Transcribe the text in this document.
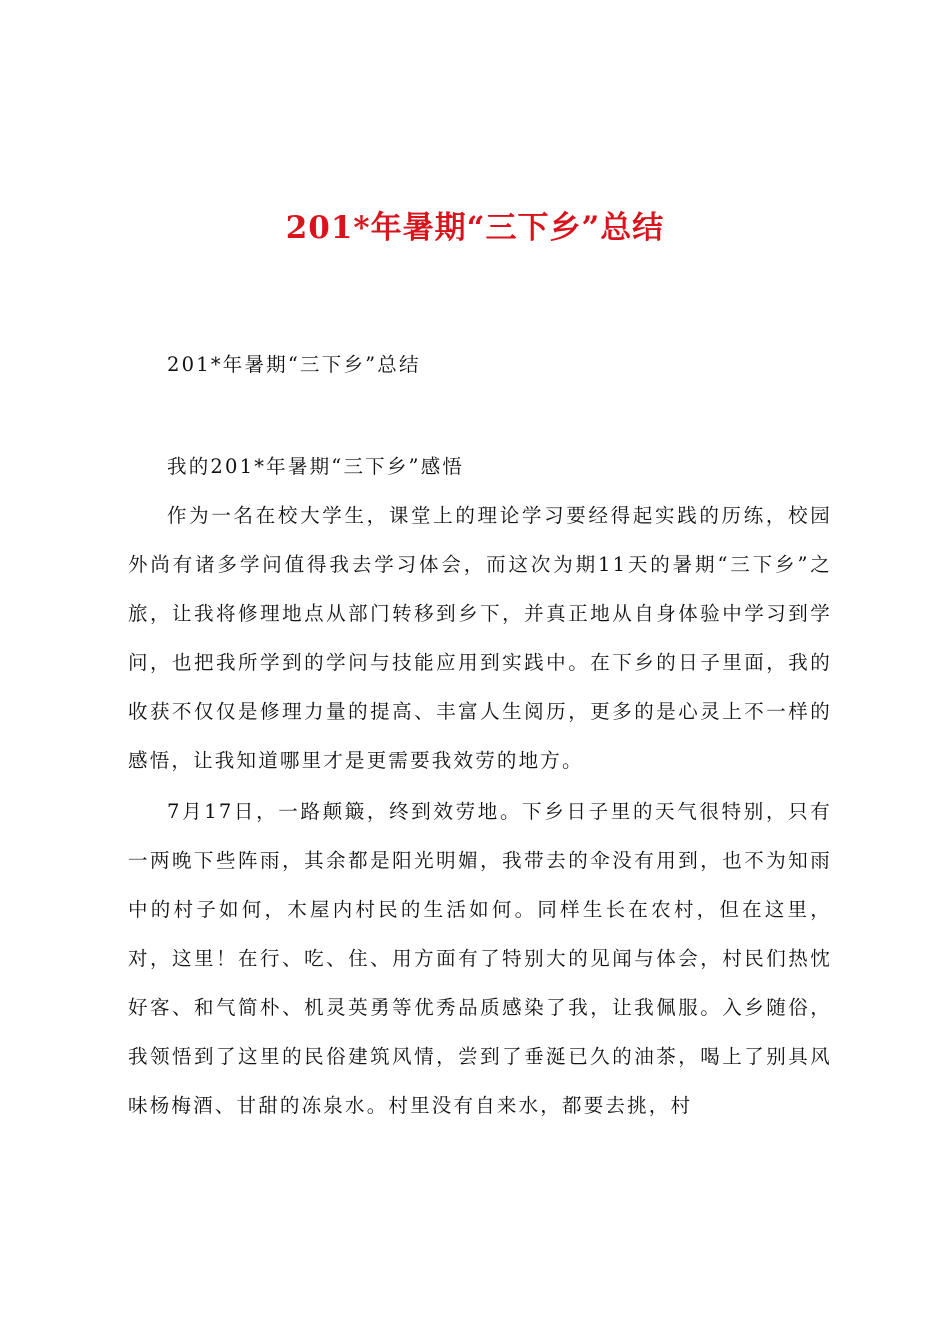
201*年暑期“三下乡”总结

201*年暑期“三下乡”总结

我的201*年暑期“三下乡”感悟

作为一名在校大学生，课堂上的理论学习要经得起实践的历练，校园外尚有诸多学问值得我去学习体会，而这次为期11天的暑期“三下乡”之旅，让我将修理地点从部门转移到乡下，并真正地从自身体验中学习到学问，也把我所学到的学问与技能应用到实践中。在下乡的日子里面，我的收获不仅仅是修理力量的提高、丰富人生阅历，更多的是心灵上不一样的感悟，让我知道哪里才是更需要我效劳的地方。

7月17日，一路颠簸，终到效劳地。下乡日子里的天气很特别，只有一两晚下些阵雨，其余都是阳光明媚，我带去的伞没有用到，也不为知雨中的村子如何，木屋内村民的生活如何。同样生长在农村，但在这里，对，这里！在行、吃、住、用方面有了特别大的见闻与体会，村民们热忱好客、和气简朴、机灵英勇等优秀品质感染了我，让我佩服。入乡随俗，我领悟到了这里的民俗建筑风情，尝到了垂涎已久的油茶，喝上了别具风味杨梅酒、甘甜的冻泉水。村里没有自来水，都要去挑，村
